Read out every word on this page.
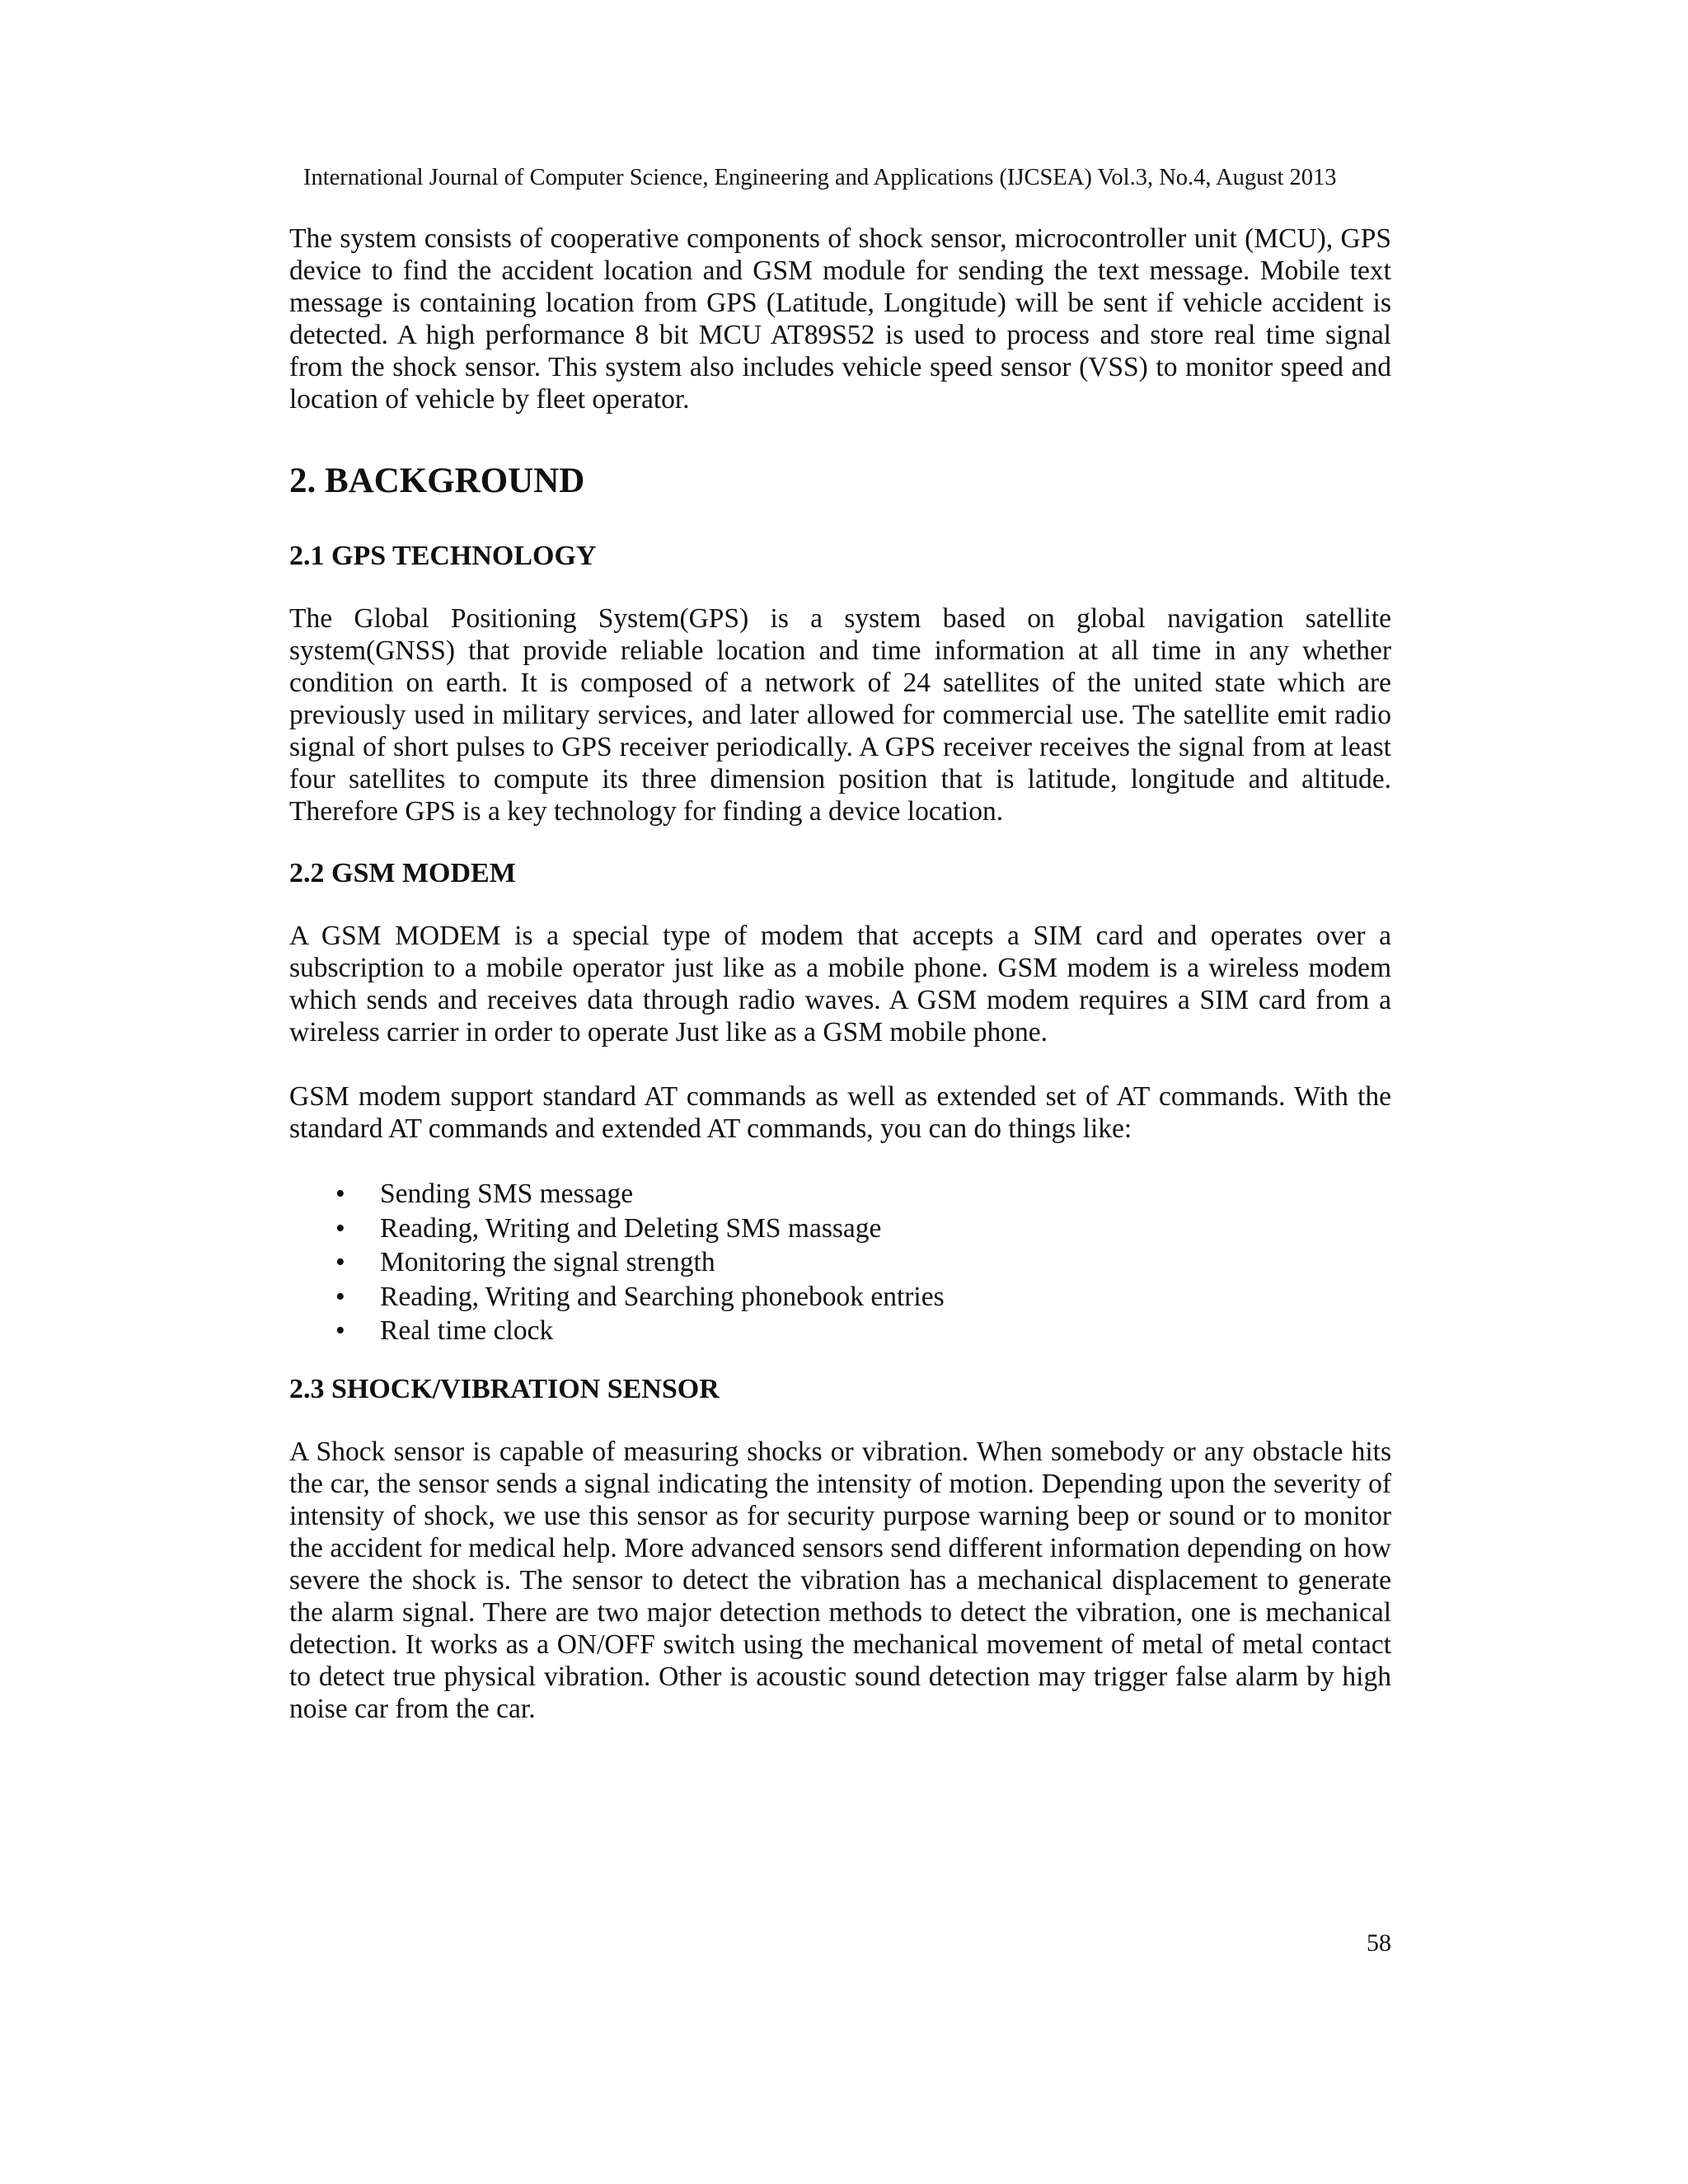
International Journal of Computer Science, Engineering and Applications (IJCSEA) Vol.3, No.4, August 2013

The system consists of cooperative components of shock sensor, microcontroller unit (MCU), GPS device to find the accident location and GSM module for sending the text message. Mobile text message is containing location from GPS (Latitude, Longitude) will be sent if vehicle accident is detected. A high performance 8 bit MCU AT89S52 is used to process and store real time signal from the shock sensor. This system also includes vehicle speed sensor (VSS) to monitor speed and location of vehicle by fleet operator.

2. BACKGROUND
2.1 GPS TECHNOLOGY

The Global Positioning System(GPS) is a system based on global navigation satellite system(GNSS) that provide reliable location and time information at all time in any whether condition on earth. It is composed of a network of 24 satellites of the united state which are previously used in military services, and later allowed for commercial use. The satellite emit radio signal of short pulses to GPS receiver periodically. A GPS receiver receives the signal from at least four satellites to compute its three dimension position that is latitude, longitude and altitude. Therefore GPS is a key technology for finding a device location.

2.2 GSM MODEM

A GSM MODEM is a special type of modem that accepts a SIM card and operates over a subscription to a mobile operator just like as a mobile phone. GSM modem is a wireless modem which sends and receives data through radio waves. A GSM modem requires a SIM card from a wireless carrier in order to operate Just like as a GSM mobile phone.

GSM modem support standard AT commands as well as extended set of AT commands. With the standard AT commands and extended AT commands, you can do things like:

• Sending SMS message
• Reading, Writing and Deleting SMS massage
• Monitoring the signal strength
• Reading, Writing and Searching phonebook entries
• Real time clock
2.3 SHOCK/VIBRATION SENSOR

A Shock sensor is capable of measuring shocks or vibration. When somebody or any obstacle hits the car, the sensor sends a signal indicating the intensity of motion. Depending upon the severity of intensity of shock, we use this sensor as for security purpose warning beep or sound or to monitor the accident for medical help. More advanced sensors send different information depending on how severe the shock is. The sensor to detect the vibration has a mechanical displacement to generate the alarm signal. There are two major detection methods to detect the vibration, one is mechanical detection. It works as a ON/OFF switch using the mechanical movement of metal of metal contact to detect true physical vibration. Other is acoustic sound detection may trigger false alarm by high noise car from the car.

58
